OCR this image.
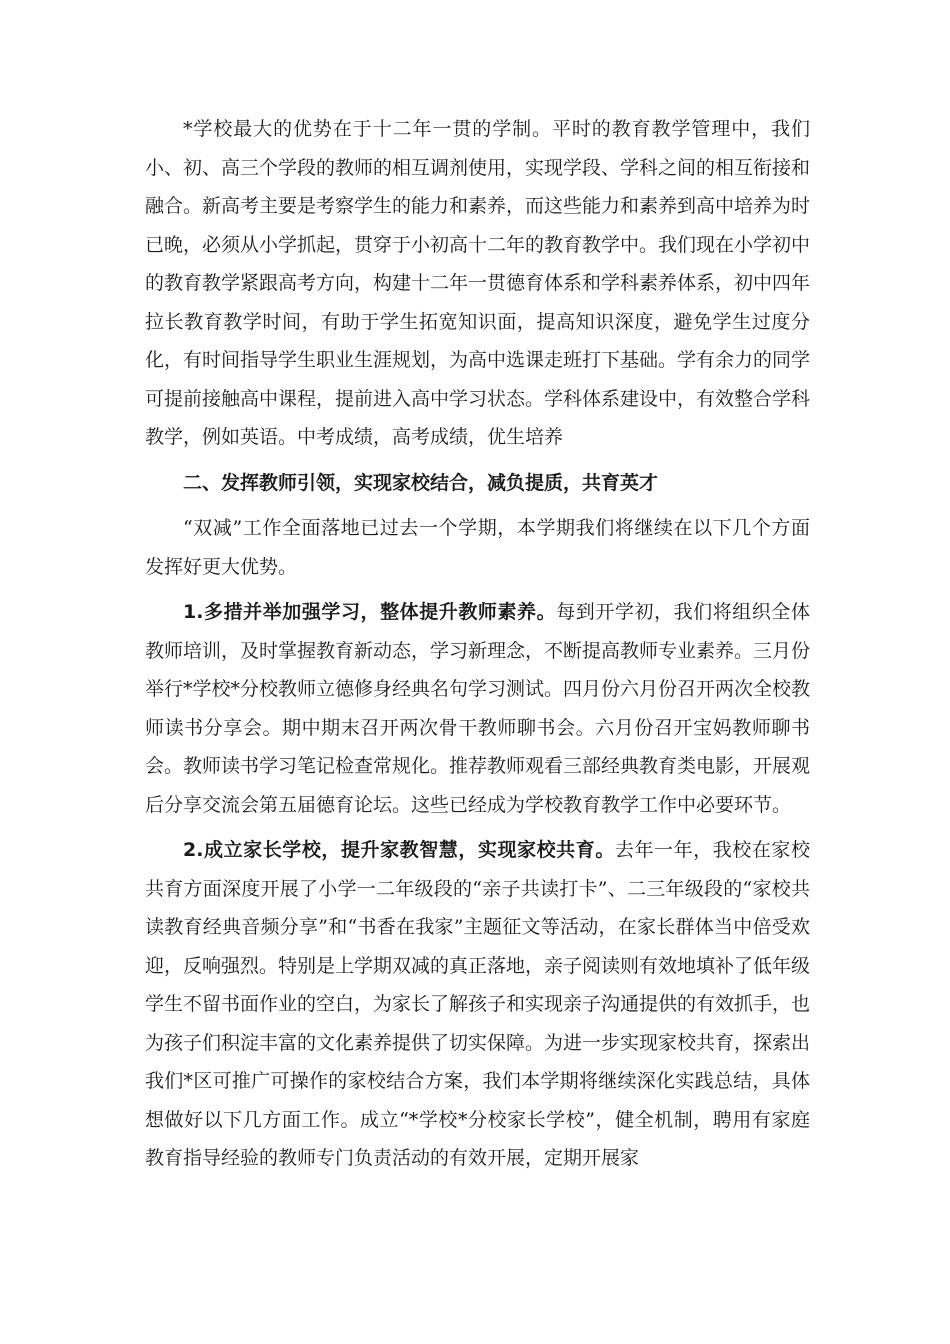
*学校最大的优势在于十二年一贯的学制。平时的教育教学管理中，我们小、初、高三个学段的教师的相互调剂使用，实现学段、学科之间的相互衔接和融合。新高考主要是考察学生的能力和素养，而这些能力和素养到高中培养为时已晚，必须从小学抓起，贯穿于小初高十二年的教育教学中。我们现在小学初中的教育教学紧跟高考方向，构建十二年一贯德育体系和学科素养体系，初中四年拉长教育教学时间，有助于学生拓宽知识面，提高知识深度，避免学生过度分化，有时间指导学生职业生涯规划，为高中选课走班打下基础。学有余力的同学可提前接触高中课程，提前进入高中学习状态。学科体系建设中，有效整合学科教学，例如英语。中考成绩，高考成绩，优生培养

二、发挥教师引领，实现家校结合，减负提质，共育英才

“双减”工作全面落地已过去一个学期，本学期我们将继续在以下几个方面发挥好更大优势。

1.多措并举加强学习，整体提升教师素养。每到开学初，我们将组织全体教师培训，及时掌握教育新动态，学习新理念，不断提高教师专业素养。三月份举行*学校*分校教师立德修身经典名句学习测试。四月份六月份召开两次全校教师读书分享会。期中期末召开两次骨干教师聊书会。六月份召开宝妈教师聊书会。教师读书学习笔记检查常规化。推荐教师观看三部经典教育类电影，开展观后分享交流会第五届德育论坛。这些已经成为学校教育教学工作中必要环节。

2.成立家长学校，提升家教智慧，实现家校共育。去年一年，我校在家校共育方面深度开展了小学一二年级段的“亲子共读打卡”、二三年级段的“家校共读教育经典音频分享”和“书香在我家”主题征文等活动，在家长群体当中倍受欢迎，反响强烈。特别是上学期双减的真正落地，亲子阅读则有效地填补了低年级学生不留书面作业的空白，为家长了解孩子和实现亲子沟通提供的有效抓手，也为孩子们积淀丰富的文化素养提供了切实保障。为进一步实现家校共育，探索出我们*区可推广可操作的家校结合方案，我们本学期将继续深化实践总结，具体想做好以下几方面工作。成立“*学校*分校家长学校”，健全机制，聘用有家庭教育指导经验的教师专门负责活动的有效开展，定期开展家
